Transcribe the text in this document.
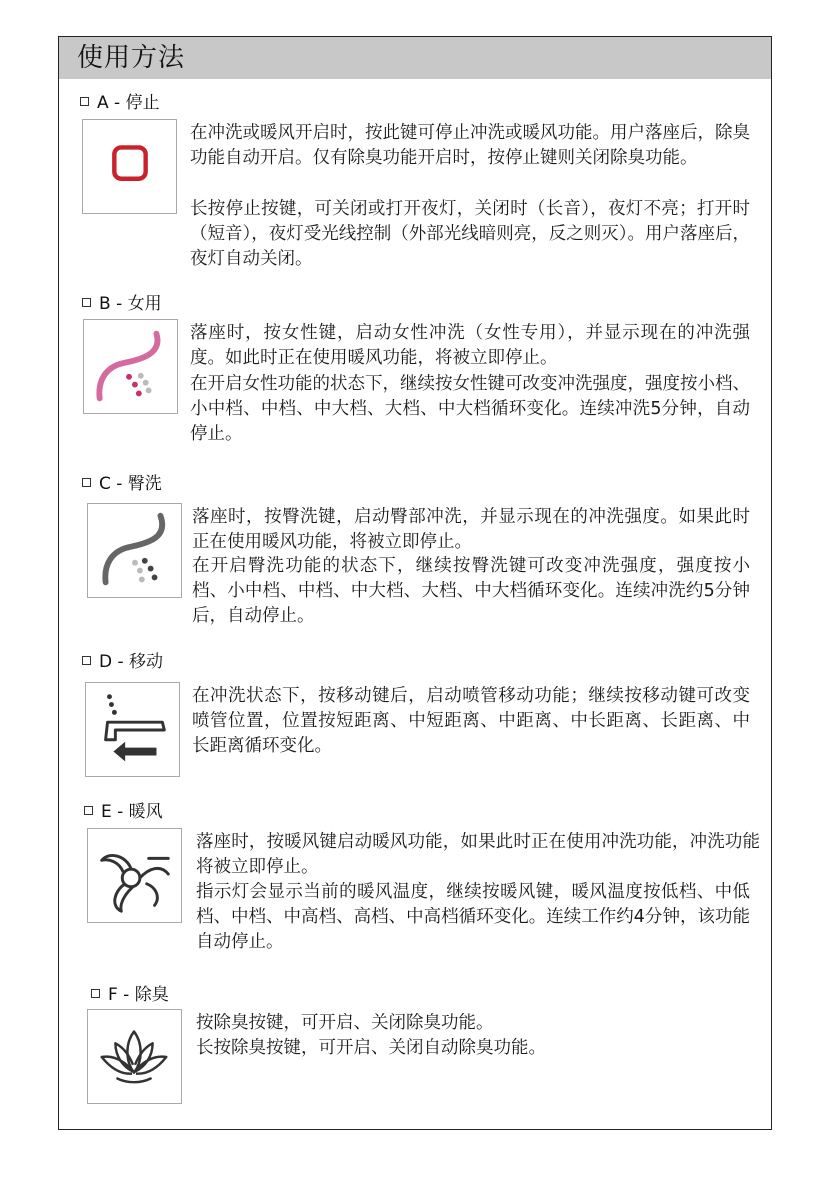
使用方法
A - 停止

在冲洗或暖风开启时，按此键可停止冲洗或暖风功能。用户落座后，除臭功能自动开启。仅有除臭功能开启时，按停止键则关闭除臭功能。

长按停止按键，可关闭或打开夜灯，关闭时（长音），夜灯不亮；打开时（短音），夜灯受光线控制（外部光线暗则亮，反之则灭）。用户落座后，夜灯自动关闭。

B - 女用

落座时，按女性键，启动女性冲洗（女性专用），并显示现在的冲洗强度。如此时正在使用暖风功能，将被立即停止。

在开启女性功能的状态下，继续按女性键可改变冲洗强度，强度按小档、小中档、中档、中大档、大档、中大档循环变化。连续冲洗5分钟，自动停止。

C - 臀洗

落座时，按臀洗键，启动臀部冲洗，并显示现在的冲洗强度。如果此时正在使用暖风功能，将被立即停止。

在开启臀洗功能的状态下，继续按臀洗键可改变冲洗强度，强度按小档、小中档、中档、中大档、大档、中大档循环变化。连续冲洗约5分钟后，自动停止。

D - 移动

在冲洗状态下，按移动键后，启动喷管移动功能；继续按移动键可改变喷管位置，位置按短距离、中短距离、中距离、中长距离、长距离、中长距离循环变化。

E - 暖风

落座时，按暖风键启动暖风功能，如果此时正在使用冲洗功能，冲洗功能将被立即停止。

指示灯会显示当前的暖风温度，继续按暖风键，暖风温度按低档、中低档、中档、中高档、高档、中高档循环变化。连续工作约4分钟，该功能自动停止。

F - 除臭

按除臭按键，可开启、关闭除臭功能。

长按除臭按键，可开启、关闭自动除臭功能。
